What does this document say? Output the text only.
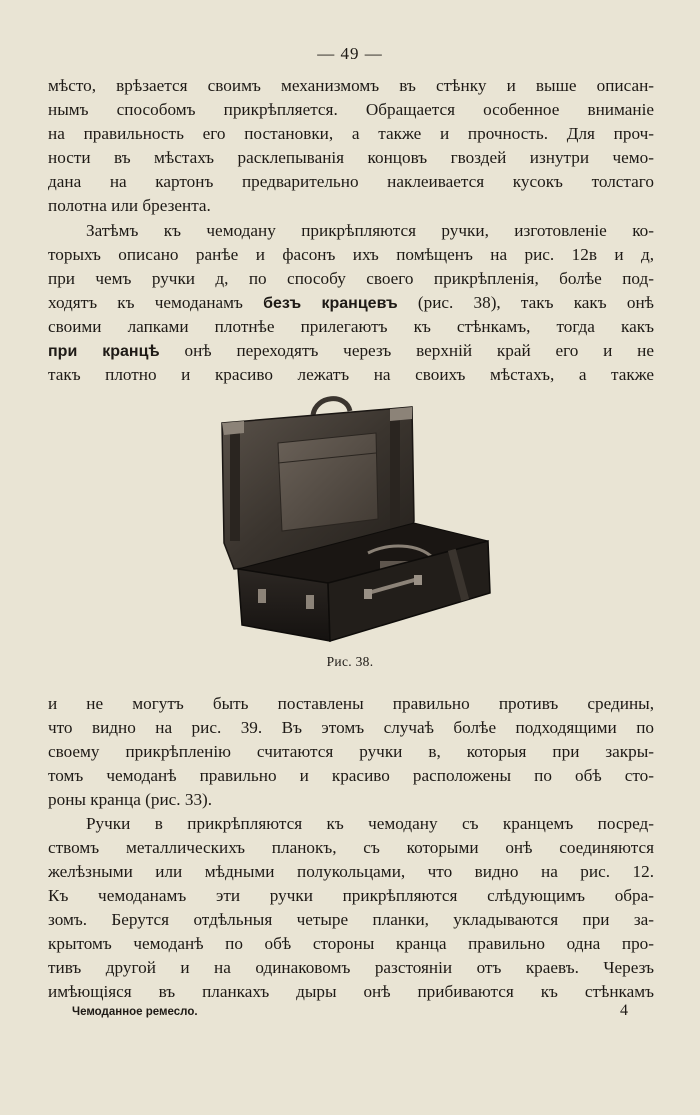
— 49 —
мѣсто, врѣзается своимъ механизмомъ въ стѣнку и выше описан-
нымъ способомъ прикрѣпляется. Обращается особенное вниманіе
на правильность его постановки, а также и прочность. Для проч-
ности въ мѣстахъ расклепыванія концовъ гвоздей изнутри чемо-
дана на картонъ предварительно наклеивается кусокъ толстаго
полотна или брезента.
Затѣмъ къ чемодану прикрѣпляются ручки, изготовленіе ко-
торыхъ описано ранѣе и фасонъ ихъ помѣщенъ на рис. 12в и д,
при чемъ ручки д, по способу своего прикрѣпленія, болѣе под-
ходятъ къ чемоданамъ безъ кранцевъ (рис. 38), такъ какъ онѣ
своими лапками плотнѣе прилегаютъ къ стѣнкамъ, тогда какъ
при кранцѣ онѣ переходятъ черезъ верхній край его и не
такъ плотно и красиво лежатъ на своихъ мѣстахъ, а также
Рис. 38.
и не могутъ быть поставлены правильно противъ средины,
что видно на рис. 39. Въ этомъ случаѣ болѣе подходящими по
своему прикрѣпленію считаются ручки в, которыя при закры-
томъ чемоданѣ правильно и красиво расположены по обѣ сто-
роны кранца (рис. 33).
Ручки в прикрѣпляются къ чемодану съ кранцемъ посред-
ствомъ металлическихъ планокъ, съ которыми онѣ соединяются
желѣзными или мѣдными полукольцами, что видно на рис. 12.
Къ чемоданамъ эти ручки прикрѣпляются слѣдующимъ обра-
зомъ. Берутся отдѣльныя четыре планки, укладываются при за-
крытомъ чемоданѣ по обѣ стороны кранца правильно одна про-
тивъ другой и на одинаковомъ разстояніи отъ краевъ. Черезъ
имѣющіяся въ планкахъ дыры онѣ прибиваются къ стѣнкамъ
Чемоданное ремесло.	4
